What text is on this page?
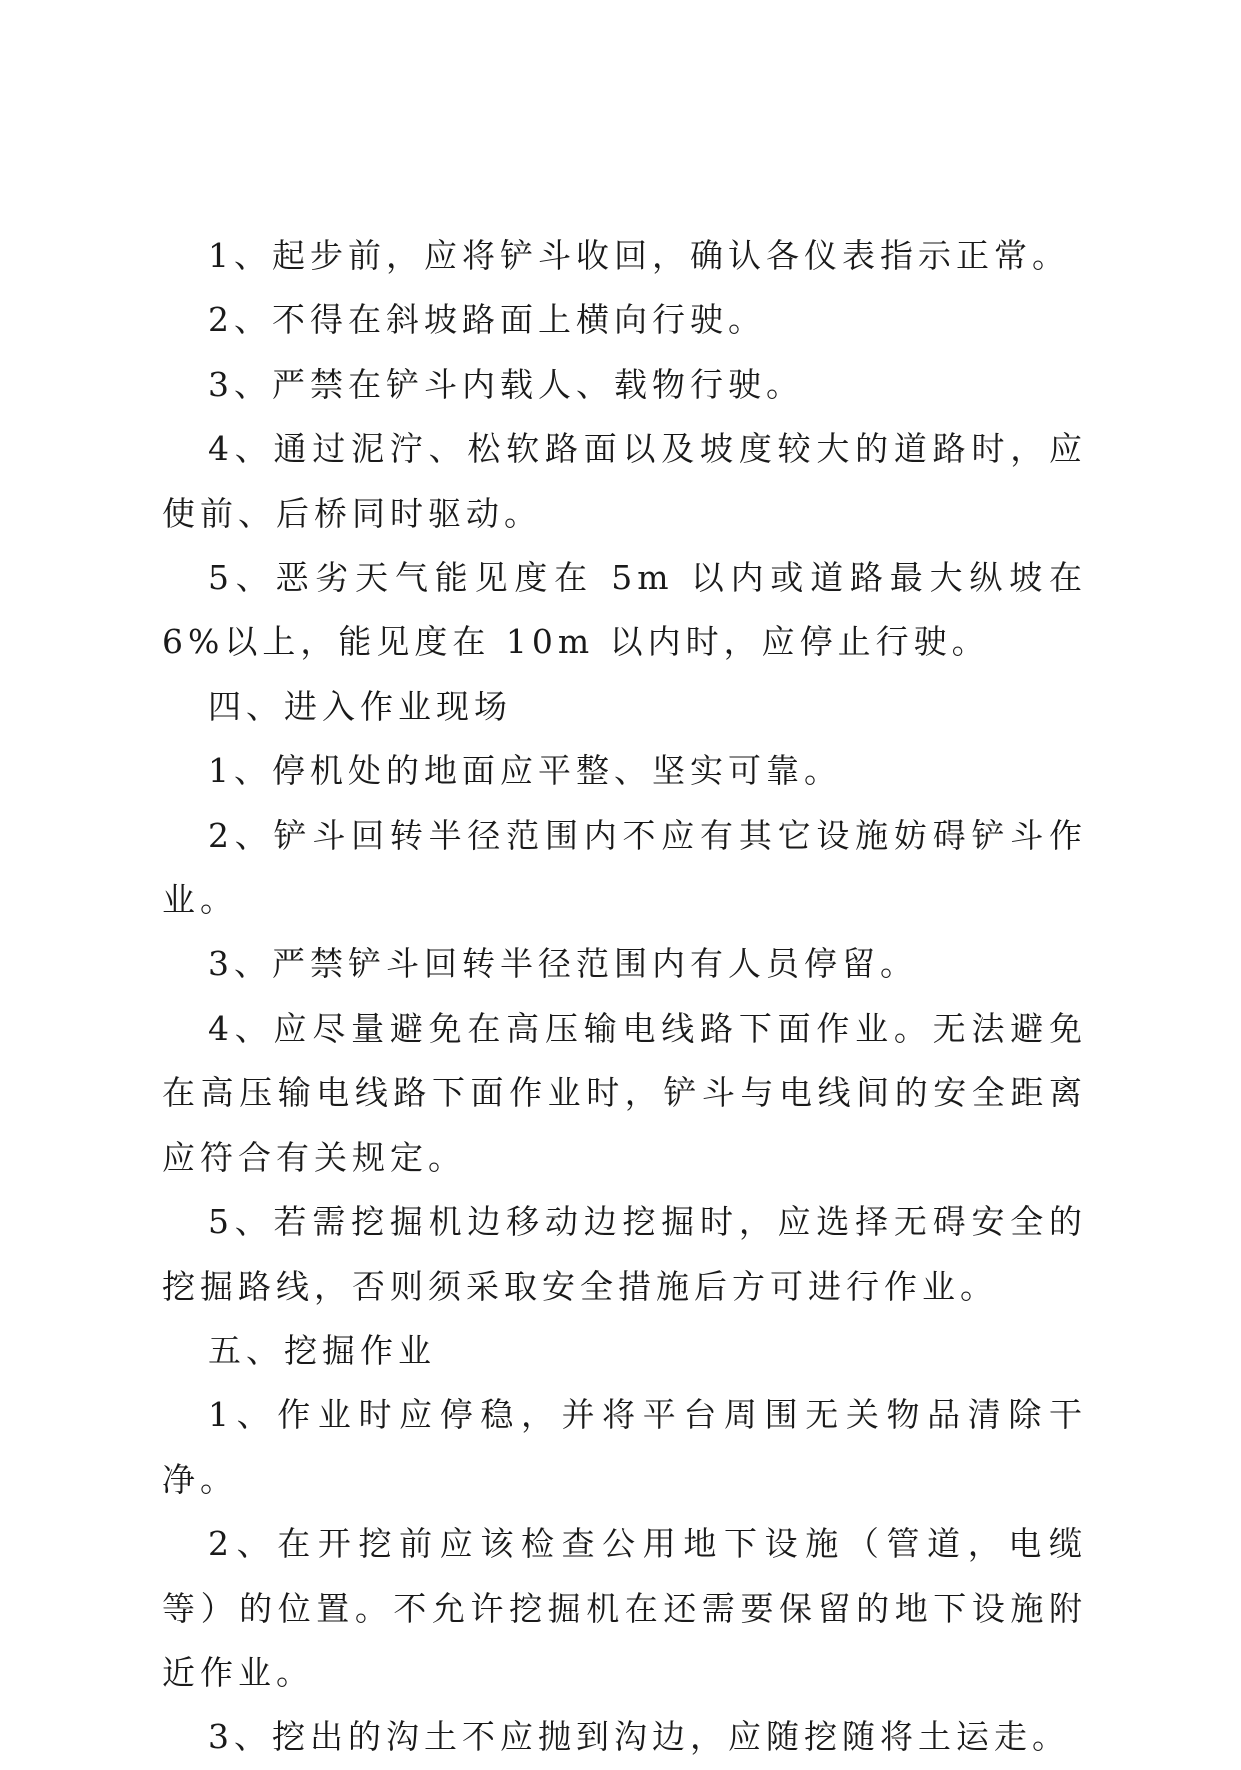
1、起步前，应将铲斗收回，确认各仪表指示正常。

2、不得在斜坡路面上横向行驶。

3、严禁在铲斗内载人、载物行驶。

4、通过泥泞、松软路面以及坡度较大的道路时，应使前、后桥同时驱动。

5、恶劣天气能见度在 5m 以内或道路最大纵坡在 6%以上，能见度在 10m 以内时，应停止行驶。

四、进入作业现场

1、停机处的地面应平整、坚实可靠。

2、铲斗回转半径范围内不应有其它设施妨碍铲斗作业。

3、严禁铲斗回转半径范围内有人员停留。

4、应尽量避免在高压输电线路下面作业。无法避免在高压输电线路下面作业时，铲斗与电线间的安全距离应符合有关规定。

5、若需挖掘机边移动边挖掘时，应选择无碍安全的挖掘路线，否则须采取安全措施后方可进行作业。

五、挖掘作业

1、作业时应停稳，并将平台周围无关物品清除干净。

2、在开挖前应该检查公用地下设施（管道，电缆等）的位置。不允许挖掘机在还需要保留的地下设施附近作业。

3、挖出的沟土不应抛到沟边，应随挖随将土运走。
